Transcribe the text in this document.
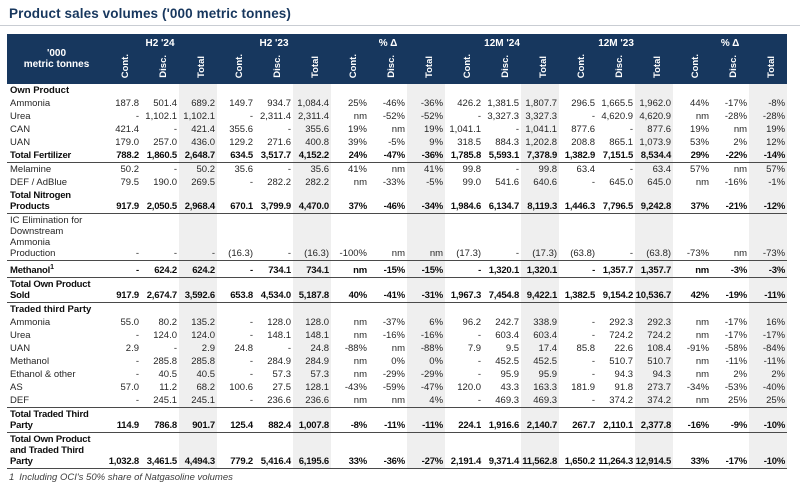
Product sales volumes ('000 metric tonnes)
'000
metric tonnes	H2 '24			H2 '23			% Δ			12M '24			12M '23			% Δ		
	Cont.	Disc.	Total	Cont.	Disc.	Total	Cont.	Disc.	Total	Cont.	Disc.	Total	Cont.	Disc.	Total	Cont.	Disc.	Total
Own Product																		
Ammonia	187.8	501.4	689.2	149.7	934.7	1,084.4	25%	-46%	-36%	426.2	1,381.5	1,807.7	296.5	1,665.5	1,962.0	44%	-17%	-8%
Urea	-	1,102.1	1,102.1	-	2,311.4	2,311.4	nm	-52%	-52%	-	3,327.3	3,327.3	-	4,620.9	4,620.9	nm	-28%	-28%
CAN	421.4	-	421.4	355.6	-	355.6	19%	nm	19%	1,041.1	-	1,041.1	877.6	-	877.6	19%	nm	19%
UAN	179.0	257.0	436.0	129.2	271.6	400.8	39%	-5%	9%	318.5	884.3	1,202.8	208.8	865.1	1,073.9	53%	2%	12%
Total Fertilizer	788.2	1,860.5	2,648.7	634.5	3,517.7	4,152.2	24%	-47%	-36%	1,785.8	5,593.1	7,378.9	1,382.9	7,151.5	8,534.4	29%	-22%	-14%
Melamine	50.2	-	50.2	35.6	-	35.6	41%	nm	41%	99.8	-	99.8	63.4	-	63.4	57%	nm	57%
DEF / AdBlue	79.5	190.0	269.5	-	282.2	282.2	nm	-33%	-5%	99.0	541.6	640.6	-	645.0	645.0	nm	-16%	-1%
Total Nitrogen Products	917.9	2,050.5	2,968.4	670.1	3,799.9	4,470.0	37%	-46%	-34%	1,984.6	6,134.7	8,119.3	1,446.3	7,796.5	9,242.8	37%	-21%	-12%
IC Elimination for Downstream Ammonia Production	-	-	-	(16.3)	-	(16.3)	-100%	nm	nm	(17.3)	-	(17.3)	(63.8)	-	(63.8)	-73%	nm	-73%
Methanol$^1$	-	624.2	624.2	-	734.1	734.1	nm	-15%	-15%	-	1,320.1	1,320.1	-	1,357.7	1,357.7	nm	-3%	-3%
Total Own Product Sold	917.9	2,674.7	3,592.6	653.8	4,534.0	5,187.8	40%	-41%	-31%	1,967.3	7,454.8	9,422.1	1,382.5	9,154.2	10,536.7	42%	-19%	-11%
Traded third Party																		
Ammonia	55.0	80.2	135.2	-	128.0	128.0	nm	-37%	6%	96.2	242.7	338.9	-	292.3	292.3	nm	-17%	16%
Urea	-	124.0	124.0	-	148.1	148.1	nm	-16%	-16%	-	603.4	603.4	-	724.2	724.2	nm	-17%	-17%
UAN	2.9	-	2.9	24.8	-	24.8	-88%	nm	-88%	7.9	9.5	17.4	85.8	22.6	108.4	-91%	-58%	-84%
Methanol	-	285.8	285.8	-	284.9	284.9	nm	0%	0%	-	452.5	452.5	-	510.7	510.7	nm	-11%	-11%
Ethanol & other	-	40.5	40.5	-	57.3	57.3	nm	-29%	-29%	-	95.9	95.9	-	94.3	94.3	nm	2%	2%
AS	57.0	11.2	68.2	100.6	27.5	128.1	-43%	-59%	-47%	120.0	43.3	163.3	181.9	91.8	273.7	-34%	-53%	-40%
DEF	-	245.1	245.1	-	236.6	236.6	nm	nm	4%	-	469.3	469.3	-	374.2	374.2	nm	25%	25%
Total Traded Third Party	114.9	786.8	901.7	125.4	882.4	1,007.8	-8%	-11%	-11%	224.1	1,916.6	2,140.7	267.7	2,110.1	2,377.8	-16%	-9%	-10%
Total Own Product and Traded Third Party	1,032.8	3,461.5	4,494.3	779.2	5,416.4	6,195.6	33%	-36%	-27%	2,191.4	9,371.4	11,562.8	1,650.2	11,264.3	12,914.5	33%	-17%	-10%
1 Including OCI's 50% share of Natgasoline volumes
